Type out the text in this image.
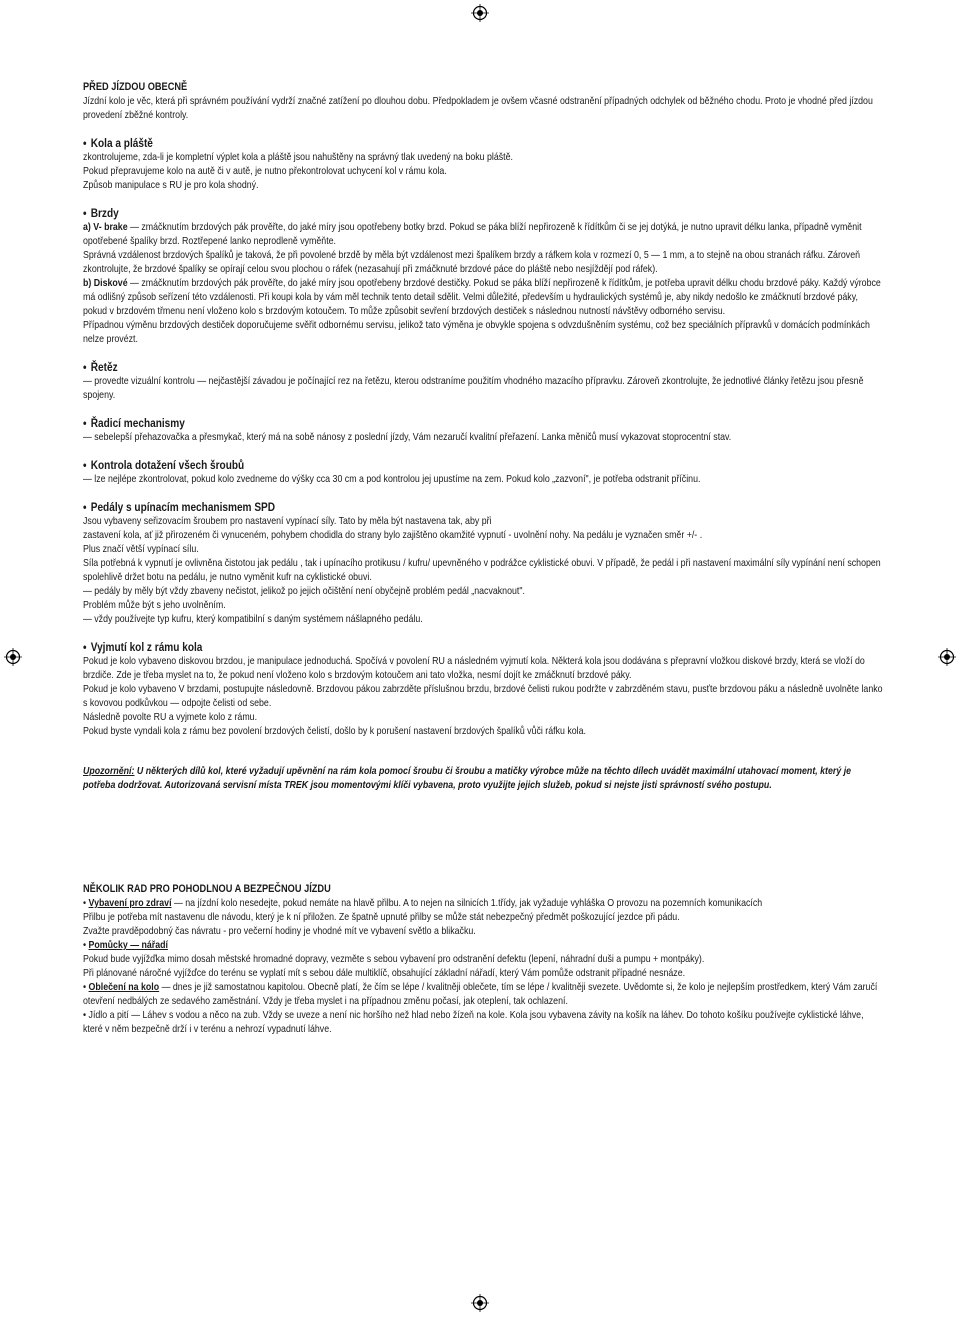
PŘED JÍZDOU OBECNĚ

Jízdní kolo je věc, která při správném používání vydrží značné zatížení po dlouhou dobu. Předpokladem je ovšem včasné odstranění případných odchylek od běžného chodu. Proto je vhodné před jízdou provedení zběžné kontroly.

• Kola a pláště

zkontrolujeme, zda-li je kompletní výplet kola a pláště jsou nahuštěny na správný tlak uvedený na boku pláště.

Pokud přepravujeme kolo na autě či v autě, je nutno překontrolovat uchycení kol v rámu kola.

Způsob manipulace s RU je pro kola shodný.

• Brzdy

a) V- brake — zmáčknutím brzdových pák prověřte, do jaké míry jsou opotřebeny botky brzd. Pokud se páka blíží nepřirozeně k řídítkům či se jej dotýká, je nutno upravit délku lanka, případně vyměnit opotřebené špalíky brzd. Roztřepené lanko neprodleně vyměňte.

Správná vzdálenost brzdových špalíků je taková, že při povolené brzdě by měla být vzdálenost mezi špalíkem brzdy a ráfkem kola v rozmezí 0, 5 — 1 mm, a to stejně na obou stranách ráfku. Zároveň zkontrolujte, že brzdové špalíky se opírají celou svou plochou o ráfek (nezasahují při zmáčknuté brzdové páce do pláště nebo nesjíždějí pod ráfek).

b) Diskové — zmáčknutím brzdových pák prověřte, do jaké míry jsou opotřebeny brzdové destičky. Pokud se páka blíží nepřirozeně k řídítkům, je potřeba upravit délku chodu brzdové páky. Každý výrobce má odlišný způsob seřízení této vzdálenosti. Při koupi kola by vám měl technik tento detail sdělit. Velmi důležité, především u hydraulických systémů je, aby nikdy nedošlo ke zmáčknutí brzdové páky, pokud v brzdovém třmenu není vloženo kolo s brzdovým kotoučem. To může způsobit sevření brzdových destiček s následnou nutností návštěvy odborného servisu.

Případnou výměnu brzdových destiček doporučujeme svěřit odbornému servisu, jelikož tato výměna je obvykle spojena s odvzdušněním systému, což bez speciálních přípravků v domácích podmínkách nelze provézt.

• Řetěz

— provedte vizuální kontrolu — nejčastější závadou je počínající rez na řetězu, kterou odstraníme použitím vhodného mazacího přípravku. Zároveň zkontrolujte, že jednotlivé články řetězu jsou přesně spojeny.

• Řadicí mechanismy

— sebelepší přehazovačka a přesmykač, který má na sobě nánosy z poslední jízdy, Vám nezaručí kvalitní přeřazení. Lanka měničů musí vykazovat stoprocentní stav.

• Kontrola dotažení všech šroubů

— lze nejlépe zkontrolovat, pokud kolo zvedneme do výšky cca 30 cm a pod kontrolou jej upustíme na zem. Pokud kolo „zazvoní", je potřeba odstranit příčinu.

• Pedály s upínacím mechanismem SPD

Jsou vybaveny seřizovacím šroubem pro nastavení vypínací síly. Tato by měla být nastavena tak, aby při

zastavení kola, ať již přirozeném či vynuceném, pohybem chodidla do strany bylo zajištěno okamžité vypnutí - uvolnění nohy. Na pedálu je vyznačen směr +/- .

Plus značí větší vypínací sílu.

Síla potřebná k vypnutí je ovlivněna čistotou jak pedálu , tak i upínacího protikusu / kufru/ upevněného v podrážce cyklistické obuvi. V případě, že pedál i při nastavení maximální síly vypínání není schopen spolehlivě držet botu na pedálu, je nutno vyměnit kufr na cyklistické obuvi.

— pedály by měly být vždy zbaveny nečistot, jelikož po jejich očištění není obyčejně problém pedál „nacvaknout".

Problém může být s jeho uvolněním.

— vždy používejte typ kufru, který kompatibilní s daným systémem nášlapného pedálu.

• Vyjmutí kol z rámu kola

Pokud je kolo vybaveno diskovou brzdou, je manipulace jednoduchá. Spočívá v povolení RU a následném vyjmutí kola. Některá kola jsou dodávána s přepravní vložkou diskové brzdy, která se vloží do brzdiče. Zde je třeba myslet na to, že pokud není vloženo kolo s brzdovým kotoučem ani tato vložka, nesmí dojít ke zmáčknutí brzdové páky.

Pokud je kolo vybaveno V brzdami, postupujte následovně. Brzdovou pákou zabrzděte příslušnou brzdu, brzdové čelisti rukou podržte v zabrzděném stavu, pusťte brzdovou páku a následně uvolněte lanko s kovovou podkůvkou — odpojte čelisti od sebe.

Následně povolte RU a vyjmete kolo z rámu.

Pokud byste vyndali kola z rámu bez povolení brzdových čelistí, došlo by k porušení nastavení brzdových špalíků vůči ráfku kola.

Upozornění: U některých dílů kol, které vyžadují upěvnění na rám kola pomocí šroubu či šroubu a matičky výrobce může na těchto dílech uvádět maximální utahovací moment, který je potřeba dodržovat. Autorizovaná servisní místa TREK jsou momentovými klíči vybavena, proto využijte jejich služeb, pokud si nejste jisti správností svého postupu.

NĚKOLIK RAD PRO POHODLNOU A BEZPEČNOU JÍZDU

• Vybavení pro zdraví — na jízdní kolo nesedejte, pokud nemáte na hlavě přilbu. A to nejen na silnicích 1.třídy, jak vyžaduje vyhláška O provozu na pozemních komunikacích

Přilbu je potřeba mít nastavenu dle návodu, který je k ní přiložen. Ze špatně upnuté přilby se může stát nebezpečný předmět poškozující jezdce při pádu.

Zvažte pravděpodobný čas návratu - pro večerní hodiny je vhodné mít ve vybavení světlo a blikačku.

• Pomůcky — nářadí

Pokud bude vyjížďka mimo dosah městské hromadné dopravy, vezměte s sebou vybavení pro odstranění defektu (lepení, náhradní duši a pumpu + montpáky).

Při plánované náročné vyjížďce do terénu se vyplatí mít s sebou dále multiklíč, obsahující základní nářadí, který Vám pomůže odstranit případné nesnáze.

• Oblečení na kolo — dnes je již samostatnou kapitolou. Obecně platí, že čím se lépe / kvalitněji oblečete, tím se lépe / kvalitněji svezete. Uvědomte si, že kolo je nejlepším prostředkem, který Vám zaručí otevření nedbálých ze sedavého zaměstnání. Vždy je třeba myslet i na případnou změnu počasí, jak oteplení, tak ochlazení.

• Jídlo a pití — Láhev s vodou a něco na zub. Vždy se uveze a není nic horšího než hlad nebo žízeň na kole. Kola jsou vybavena závity na košík na láhev. Do tohoto košíku používejte cyklistické láhve, které v něm bezpečně drží i v terénu a nehrozí vypadnutí láhve.
